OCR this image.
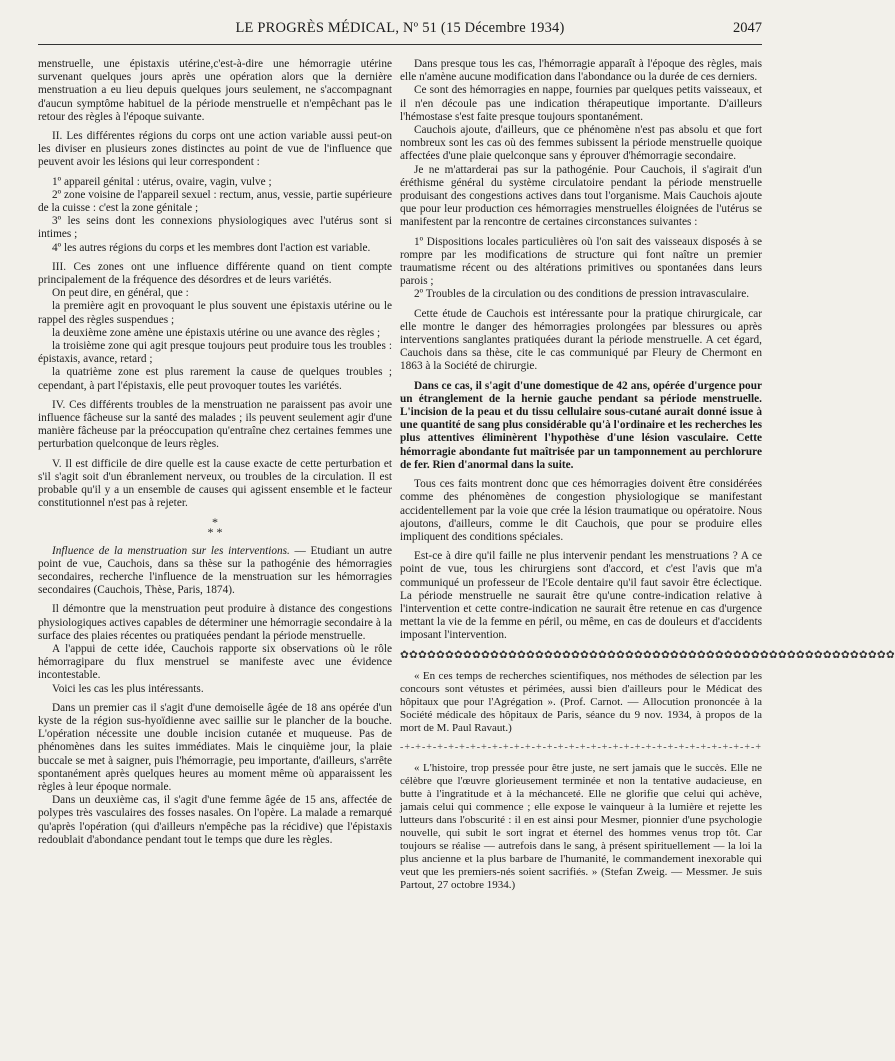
LE PROGRÈS MÉDICAL, Nº 51 (15 Décembre 1934)	2047

menstruelle, une épistaxis utérine,c'est-à-dire une hémorragie utérine survenant quelques jours après une opération alors que la dernière menstruation a eu lieu depuis quelques jours seulement, ne s'accompagnant d'aucun symptôme habituel de la période menstruelle et n'empêchant pas le retour des règles à l'époque suivante.

II. Les différentes régions du corps ont une action variable aussi peut-on les diviser en plusieurs zones distinctes au point de vue de l'influence que peuvent avoir les lésions qui leur correspondent :

1º appareil génital : utérus, ovaire, vagin, vulve ;

2º zone voisine de l'appareil sexuel : rectum, anus, vessie, partie supérieure de la cuisse : c'est la zone génitale ;

3º les seins dont les connexions physiologiques avec l'utérus sont si intimes ;

4º les autres régions du corps et les membres dont l'action est variable.

III. Ces zones ont une influence différente quand on tient compte principalement de la fréquence des désordres et de leurs variétés.

On peut dire, en général, que :

la première agit en provoquant le plus souvent une épistaxis utérine ou le rappel des règles suspendues ;

la deuxième zone amène une épistaxis utérine ou une avance des règles ;

la troisième zone qui agit presque toujours peut produire tous les troubles : épistaxis, avance, retard ;

la quatrième zone est plus rarement la cause de quelques troubles ; cependant, à part l'épistaxis, elle peut provoquer toutes les variétés.

IV. Ces différents troubles de la menstruation ne paraissent pas avoir une influence fâcheuse sur la santé des malades ; ils peuvent seulement agir d'une manière fâcheuse par la préoccupation qu'entraîne chez certaines femmes une perturbation quelconque de leurs règles.

V. Il est difficile de dire quelle est la cause exacte de cette perturbation et s'il s'agit soit d'un ébranlement nerveux, ou troubles de la circulation. Il est probable qu'il y a un ensemble de causes qui agissent ensemble et le facteur constitutionnel n'est pas à rejeter.

*
* *

Influence de la menstruation sur les interventions. — Etudiant un autre point de vue, Cauchois, dans sa thèse sur la pathogénie des hémorragies secondaires, recherche l'influence de la menstruation sur les hémorragies secondaires (Cauchois, Thèse, Paris, 1874).

Il démontre que la menstruation peut produire à distance des congestions physiologiques actives capables de déterminer une hémorragie secondaire à la surface des plaies récentes ou pratiquées pendant la période menstruelle.

A l'appui de cette idée, Cauchois rapporte six observations où le rôle hémorragipare du flux menstruel se manifeste avec une évidence incontestable.

Voici les cas les plus intéressants.

Dans un premier cas il s'agit d'une demoiselle âgée de 18 ans opérée d'un kyste de la région sus-hyoïdienne avec saillie sur le plancher de la bouche. L'opération nécessite une double incision cutanée et muqueuse. Pas de phénomènes dans les suites immédiates. Mais le cinquième jour, la plaie buccale se met à saigner, puis l'hémorragie, peu importante, d'ailleurs, s'arrête spontanément après quelques heures au moment même où apparaissent les règles à leur époque normale.

Dans un deuxième cas, il s'agit d'une femme âgée de 15 ans, affectée de polypes très vasculaires des fosses nasales. On l'opère. La malade a remarqué qu'après l'opération (qui d'ailleurs n'empêche pas la récidive) que l'épistaxis redoublait d'abondance pendant tout le temps que dure les règles.

Dans presque tous les cas, l'hémorragie apparaît à l'époque des règles, mais elle n'amène aucune modification dans l'abondance ou la durée de ces derniers.

Ce sont des hémorragies en nappe, fournies par quelques petits vaisseaux, et il n'en découle pas une indication thérapeutique importante. D'ailleurs l'hémostase s'est faite presque toujours spontanément.

Cauchois ajoute, d'ailleurs, que ce phénomène n'est pas absolu et que fort nombreux sont les cas où des femmes subissent la période menstruelle quoique affectées d'une plaie quelconque sans y éprouver d'hémorragie secondaire.

Je ne m'attarderai pas sur la pathogénie. Pour Cauchois, il s'agirait d'un éréthisme général du système circulatoire pendant la période menstruelle produisant des congestions actives dans tout l'organisme. Mais Cauchois ajoute que pour leur production ces hémorragies menstruelles éloignées de l'utérus se manifestent par la rencontre de certaines circonstances suivantes :

1º Dispositions locales particulières où l'on sait des vaisseaux disposés à se rompre par les modifications de structure qui font naître un premier traumatisme récent ou des altérations primitives ou spontanées dans leurs parois ;

2º Troubles de la circulation ou des conditions de pression intravasculaire.

Cette étude de Cauchois est intéressante pour la pratique chirurgicale, car elle montre le danger des hémorragies prolongées par blessures ou après interventions sanglantes pratiquées durant la période menstruelle. A cet égard, Cauchois dans sa thèse, cite le cas communiqué par Fleury de Chermont en 1863 à la Société de chirurgie.

Dans ce cas, il s'agit d'une domestique de 42 ans, opérée d'urgence pour un étranglement de la hernie gauche pendant sa période menstruelle. L'incision de la peau et du tissu cellulaire sous-cutané aurait donné issue à une quantité de sang plus considérable qu'à l'ordinaire et les recherches les plus attentives éliminèrent l'hypothèse d'une lésion vasculaire. Cette hémorragie abondante fut maîtrisée par un tamponnement au perchlorure de fer. Rien d'anormal dans la suite.

Tous ces faits montrent donc que ces hémorragies doivent être considérées comme des phénomènes de congestion physiologique se manifestant accidentellement par la voie que crée la lésion traumatique ou opératoire. Nous ajoutons, d'ailleurs, comme le dit Cauchois, que pour se produire elles impliquent des conditions spéciales.

Est-ce à dire qu'il faille ne plus intervenir pendant les menstruations ? A ce point de vue, tous les chirurgiens sont d'accord, et c'est l'avis que m'a communiqué un professeur de l'Ecole dentaire qu'il faut savoir être éclectique. La période menstruelle ne saurait être qu'une contre-indication relative à l'intervention et cette contre-indication ne saurait être retenue en cas d'urgence mettant la vie de la femme en péril, ou même, en cas de douleurs et d'accidents imposant l'intervention.

✿✿✿✿✿✿✿✿✿✿✿✿✿✿✿✿✿✿✿✿✿✿✿✿✿✿✿✿✿✿✿✿✿✿✿✿✿✿✿✿✿✿✿✿✿✿✿✿✿✿✿✿✿✿✿

« En ces temps de recherches scientifiques, nos méthodes de sélection par les concours sont vétustes et périmées, aussi bien d'ailleurs pour le Médicat des hôpitaux que pour l'Agrégation ». (Prof. Carnot. — Allocution prononcée à la Société médicale des hôpitaux de Paris, séance du 9 nov. 1934, à propos de la mort de M. Paul Ravaut.)

-+-+-+-+-+-+-+-+-+-+-+-+-+-+-+-+-+-+-+-+-+-+-+-+-+-+-+-+-+-+-+-+-+

« L'histoire, trop pressée pour être juste, ne sert jamais que le succès. Elle ne célèbre que l'œuvre glorieusement terminée et non la tentative audacieuse, en butte à l'ingratitude et à la méchanceté. Elle ne glorifie que celui qui achève, jamais celui qui commence ; elle expose le vainqueur à la lumière et rejette les lutteurs dans l'obscurité : il en est ainsi pour Mesmer, pionnier d'une psychologie nouvelle, qui subit le sort ingrat et éternel des hommes venus trop tôt. Car toujours se réalise — autrefois dans le sang, à présent spirituellement — la loi la plus ancienne et la plus barbare de l'humanité, le commandement inexorable qui veut que les premiers-nés soient sacrifiés. » (Stefan Zweig. — Messmer. Je suis Partout, 27 octobre 1934.)
